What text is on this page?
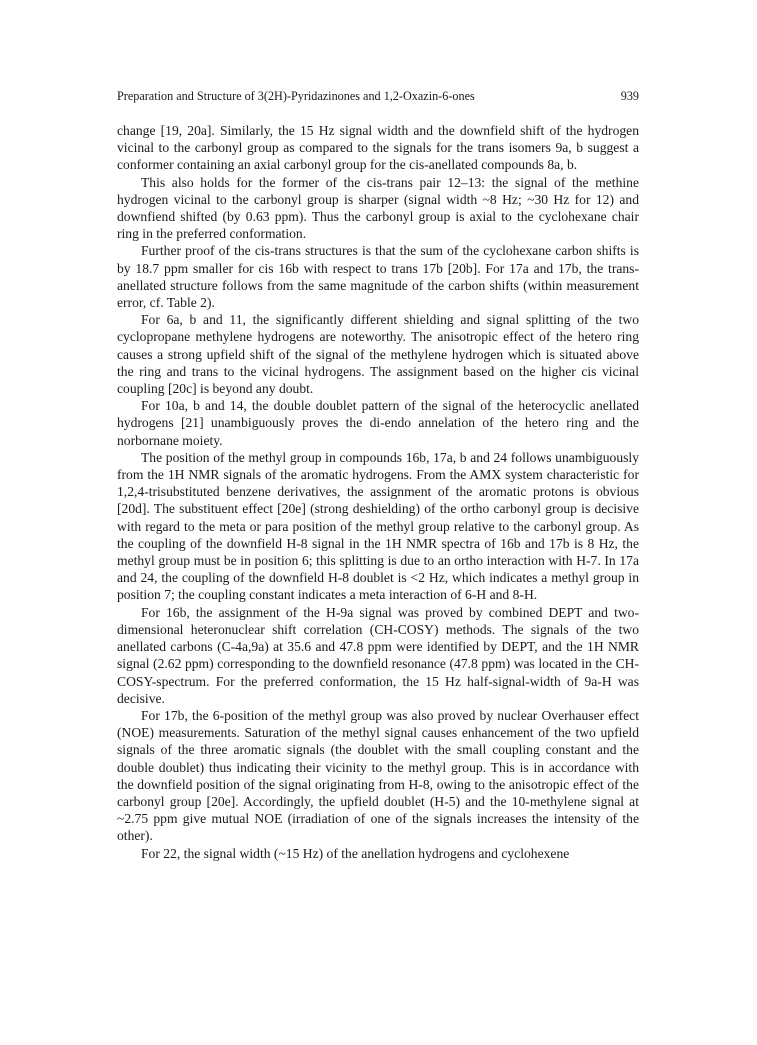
Preparation and Structure of 3(2H)-Pyridazinones and 1,2-Oxazin-6-ones	939

change [19, 20a]. Similarly, the 15 Hz signal width and the downfield shift of the hydrogen vicinal to the carbonyl group as compared to the signals for the trans isomers 9a, b suggest a conformer containing an axial carbonyl group for the cis-anellated compounds 8a, b.

This also holds for the former of the cis-trans pair 12–13: the signal of the methine hydrogen vicinal to the carbonyl group is sharper (signal width ~8 Hz; ~30 Hz for 12) and downfiend shifted (by 0.63 ppm). Thus the carbonyl group is axial to the cyclohexane chair ring in the preferred conformation.

Further proof of the cis-trans structures is that the sum of the cyclohexane carbon shifts is by 18.7 ppm smaller for cis 16b with respect to trans 17b [20b]. For 17a and 17b, the trans-anellated structure follows from the same magnitude of the carbon shifts (within measurement error, cf. Table 2).

For 6a, b and 11, the significantly different shielding and signal splitting of the two cyclopropane methylene hydrogens are noteworthy. The anisotropic effect of the hetero ring causes a strong upfield shift of the signal of the methylene hydrogen which is situated above the ring and trans to the vicinal hydrogens. The assignment based on the higher cis vicinal coupling [20c] is beyond any doubt.

For 10a, b and 14, the double doublet pattern of the signal of the heterocyclic anellated hydrogens [21] unambiguously proves the di-endo annelation of the hetero ring and the norbornane moiety.

The position of the methyl group in compounds 16b, 17a, b and 24 follows unambiguously from the 1H NMR signals of the aromatic hydrogens. From the AMX system characteristic for 1,2,4-trisubstituted benzene derivatives, the assignment of the aromatic protons is obvious [20d]. The substituent effect [20e] (strong deshielding) of the ortho carbonyl group is decisive with regard to the meta or para position of the methyl group relative to the carbonyl group. As the coupling of the downfield H-8 signal in the 1H NMR spectra of 16b and 17b is 8 Hz, the methyl group must be in position 6; this splitting is due to an ortho interaction with H-7. In 17a and 24, the coupling of the downfield H-8 doublet is <2 Hz, which indicates a methyl group in position 7; the coupling constant indicates a meta interaction of 6-H and 8-H.

For 16b, the assignment of the H-9a signal was proved by combined DEPT and two-dimensional heteronuclear shift correlation (CH-COSY) methods. The signals of the two anellated carbons (C-4a,9a) at 35.6 and 47.8 ppm were identified by DEPT, and the 1H NMR signal (2.62 ppm) corresponding to the downfield resonance (47.8 ppm) was located in the CH-COSY-spectrum. For the preferred conformation, the 15 Hz half-signal-width of 9a-H was decisive.

For 17b, the 6-position of the methyl group was also proved by nuclear Overhauser effect (NOE) measurements. Saturation of the methyl signal causes enhancement of the two upfield signals of the three aromatic signals (the doublet with the small coupling constant and the double doublet) thus indicating their vicinity to the methyl group. This is in accordance with the downfield position of the signal originating from H-8, owing to the anisotropic effect of the carbonyl group [20e]. Accordingly, the upfield doublet (H-5) and the 10-methylene signal at ~2.75 ppm give mutual NOE (irradiation of one of the signals increases the intensity of the other).

For 22, the signal width (~15 Hz) of the anellation hydrogens and cyclohexene
